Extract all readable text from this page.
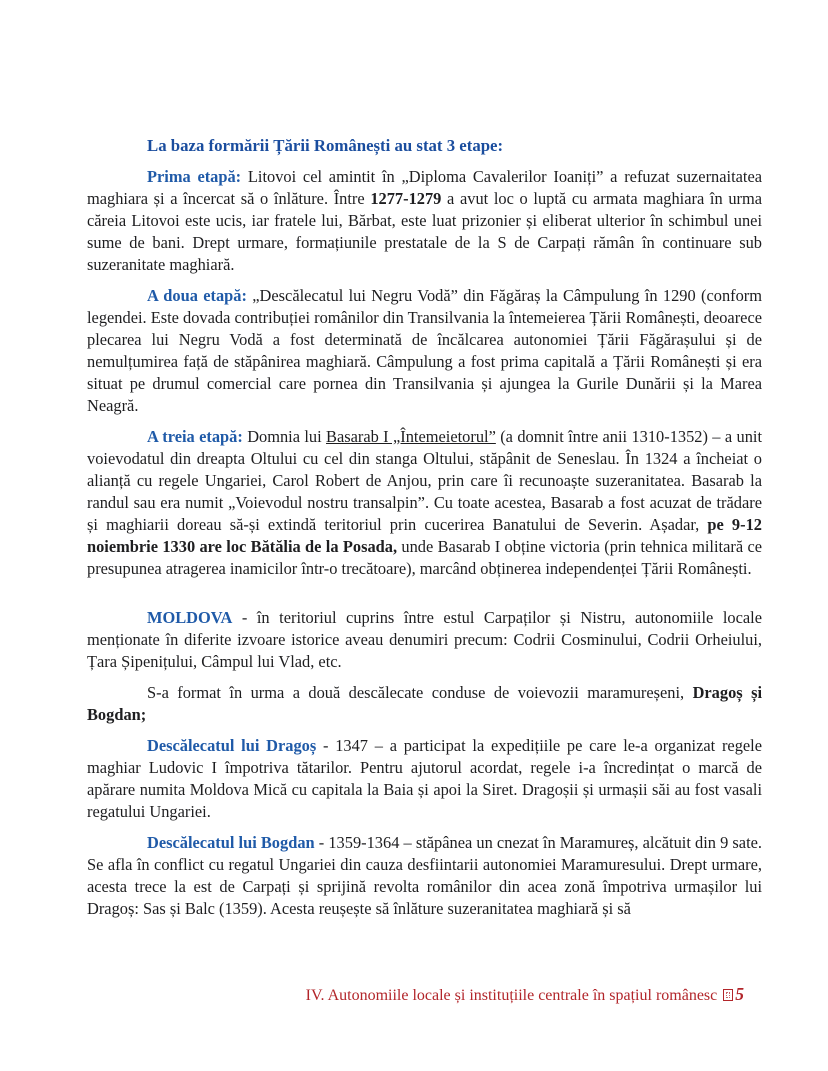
La baza formării Țării Românești au stat 3 etape:

Prima etapă: Litovoi cel amintit în „Diploma Cavalerilor Ioaniți” a refuzat suzernaitatea maghiara și a încercat să o înlăture. Între 1277-1279 a avut loc o luptă cu armata maghiara în urma căreia Litovoi este ucis, iar fratele lui, Bărbat, este luat prizonier și eliberat ulterior în schimbul unei sume de bani. Drept urmare, formațiunile prestatale de la S de Carpați rămân în continuare sub suzeranitate maghiară.

A doua etapă: „Descălecatul lui Negru Vodă” din Făgăraș la Câmpulung în 1290 (conform legendei. Este dovada contribuției românilor din Transilvania la întemeierea Țării Românești, deoarece plecarea lui Negru Vodă a fost determinată de încălcarea autonomiei Țării Făgărașului și de nemulțumirea față de stăpânirea maghiară. Câmpulung a fost prima capitală a Țării Românești și era situat pe drumul comercial care pornea din Transilvania și ajungea la Gurile Dunării și la Marea Neagră.

A treia etapă: Domnia lui Basarab I „Întemeietorul” (a domnit între anii 1310-1352) – a unit voievodatul din dreapta Oltului cu cel din stanga Oltului, stăpânit de Seneslau. În 1324 a încheiat o alianță cu regele Ungariei, Carol Robert de Anjou, prin care îi recunoaște suzeranitatea. Basarab la randul sau era numit „Voievodul nostru transalpin”. Cu toate acestea, Basarab a fost acuzat de trădare și maghiarii doreau să-și extindă teritoriul prin cucerirea Banatului de Severin. Așadar, pe 9-12 noiembrie 1330 are loc Bătălia de la Posada, unde Basarab I obține victoria (prin tehnica militară ce presupunea atragerea inamicilor într-o trecătoare), marcând obținerea independenței Țării Românești.

MOLDOVA - în teritoriul cuprins între estul Carpaților și Nistru, autonomiile locale menționate în diferite izvoare istorice aveau denumiri precum: Codrii Cosminului, Codrii Orheiului, Țara Șipenițului, Câmpul lui Vlad, etc.

S-a format în urma a două descălecate conduse de voievozii maramureșeni, Dragoș și Bogdan;

Descălecatul lui Dragoș - 1347 – a participat la expedițiile pe care le-a organizat regele maghiar Ludovic I împotriva tătarilor. Pentru ajutorul acordat, regele i-a încredințat o marcă de apărare numita Moldova Mică cu capitala la Baia și apoi la Siret. Dragoșii și urmașii săi au fost vasali regatului Ungariei.

Descălecatul lui Bogdan - 1359-1364 – stăpânea un cnezat în Maramureș, alcătuit din 9 sate. Se afla în conflict cu regatul Ungariei din cauza desfiintarii autonomiei Maramuresului. Drept urmare, acesta trece la est de Carpați și sprijină revolta românilor din acea zonă împotriva urmașilor lui Dragoș: Sas și Balc (1359). Acesta reușește să înlăture suzeranitatea maghiară și să

IV. Autonomiile locale și instituțiile centrale în spațiul românesc 5
